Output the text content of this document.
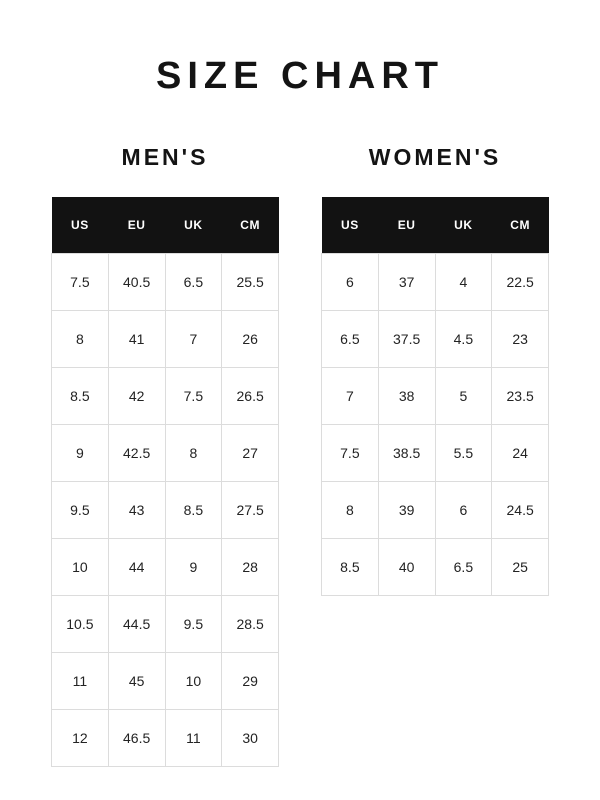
SIZE CHART
MEN'S
US	EU	UK	CM
7.5	40.5	6.5	25.5
8	41	7	26
8.5	42	7.5	26.5
9	42.5	8	27
9.5	43	8.5	27.5
10	44	9	28
10.5	44.5	9.5	28.5
11	45	10	29
12	46.5	11	30
WOMEN'S
US	EU	UK	CM
6	37	4	22.5
6.5	37.5	4.5	23
7	38	5	23.5
7.5	38.5	5.5	24
8	39	6	24.5
8.5	40	6.5	25
